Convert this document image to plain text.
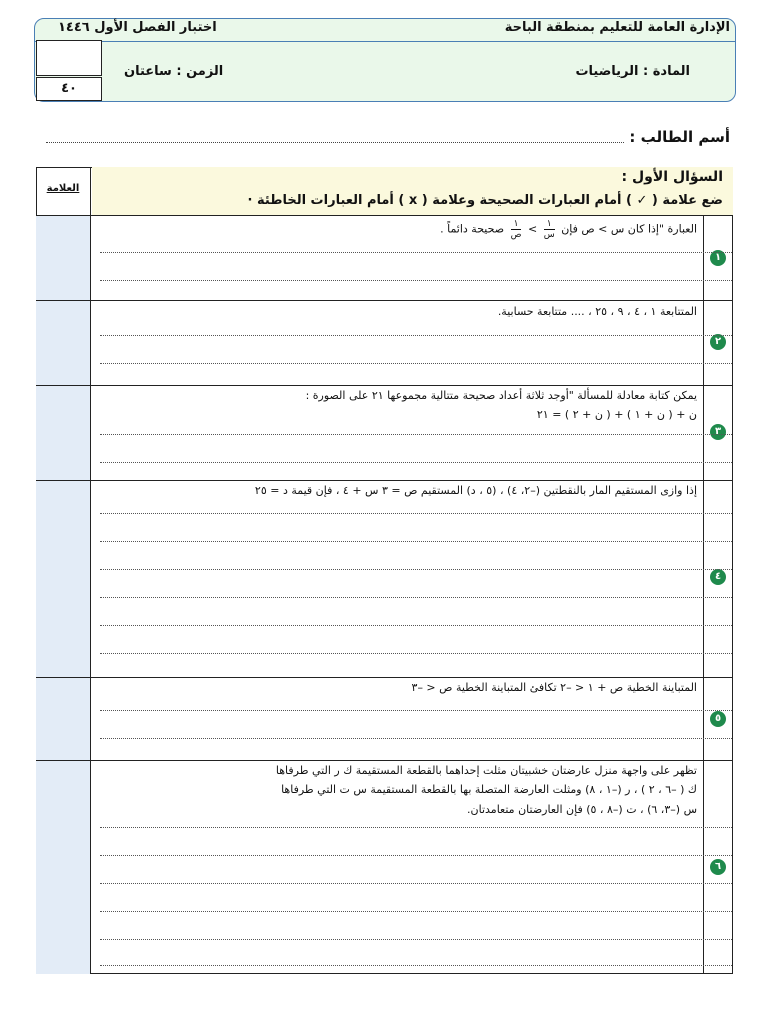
الإدارة العامة للتعليم بمنطقة الباحة
اختبار الفصل الأول ١٤٤٦
المادة : الرياضيات
الزمن : ساعتان
٤٠
أسم الطالب :
العلامة
السؤال الأول :
ضع علامة ( ✓ ) أمام العبارات الصحيحة وعلامة ( x ) أمام العبارات الخاطئة ·
١
العبارة "إذا كان س > ص فإن
$\frac{١}{\text{س}}$
>
$\frac{١}{\text{ص}}$
صحيحة دائماً .
٢
المتتابعة ١ ، ٤ ، ٩ ، ٢٥ ، .... متتابعة حسابية.
٣
يمكن كتابة معادلة للمسألة "أوجد ثلاثة أعداد صحيحة متتالية مجموعها ٢١ على الصورة :
ن + ( ن + ١ ) + ( ن + ٢ ) = ٢١
٤
إذا وازى المستقيم المار بالنقطتين (–٢، ٤) ، (٥ ، د) المستقيم ص = ٣ س + ٤ ، فإن قيمة د = ٢٥
٥
المتباينة الخطية ص + ١ < –٢ تكافئ المتباينة الخطية ص < –٣
٦
تظهر على واجهة منزل عارضتان خشبيتان مثلت إحداهما بالقطعة المستقيمة ك ر التي طرفاها
ك ( –٦ ، ٢ ) ، ر (–١ ، ٨) ومثلت العارضة المتصلة بها بالقطعة المستقيمة س ت التي طرفاها
س (–٣، ٦) ، ت (–٨ ، ٥) فإن العارضتان متعامدتان.
